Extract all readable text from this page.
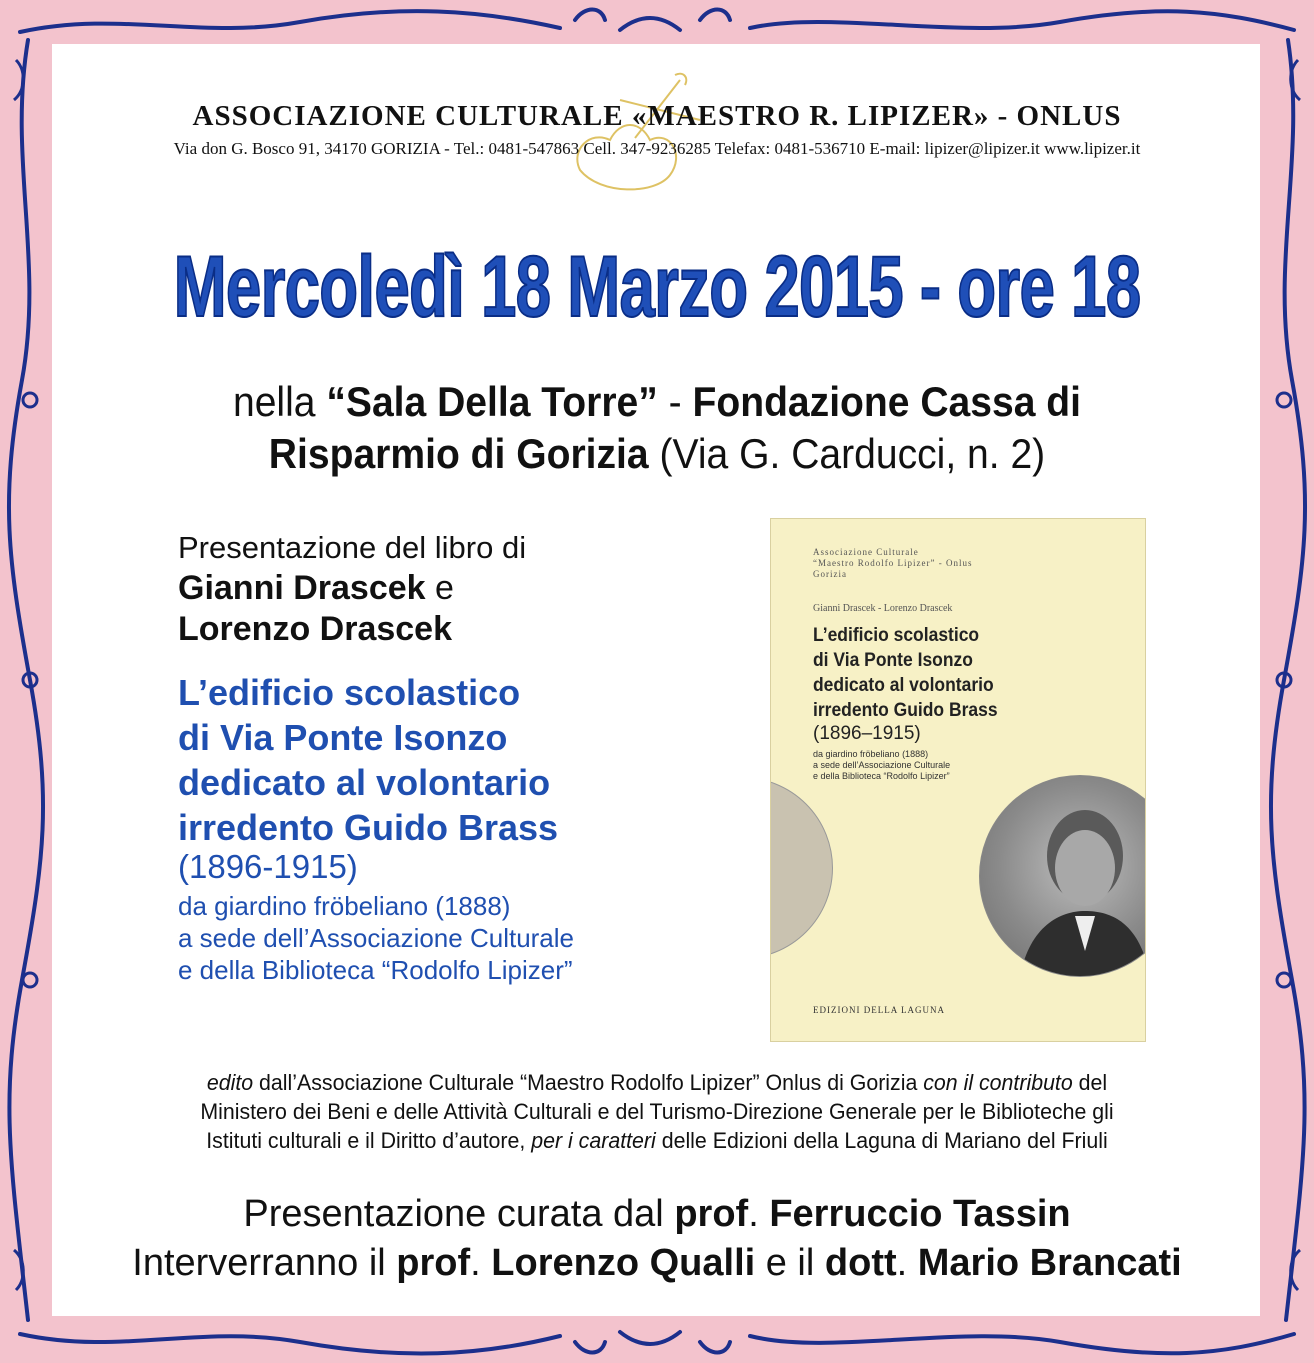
ASSOCIAZIONE CULTURALE «MAESTRO R. LIPIZER» - ONLUS
Via don G. Bosco 91, 34170 GORIZIA - Tel.: 0481-547863 Cell. 347-9236285 Telefax: 0481-536710 E-mail: lipizer@lipizer.it www.lipizer.it
Mercoledì 18 Marzo 2015 - ore 18
nella “Sala Della Torre” - Fondazione Cassa di
Risparmio di Gorizia (Via G. Carducci, n. 2)
Presentazione del libro di
Gianni Drascek e
Lorenzo Drascek
L’edificio scolastico
di Via Ponte Isonzo
dedicato al volontario
irredento Guido Brass
(1896-1915)
da giardino fröbeliano (1888)
a sede dell’Associazione Culturale
e della Biblioteca “Rodolfo Lipizer”
Associazione Culturale
“Maestro Rodolfo Lipizer” - Onlus
Gorizia
Gianni Drascek - Lorenzo Drascek
L’edificio scolastico
di Via Ponte Isonzo
dedicato al volontario
irredento Guido Brass
(1896–1915)
da giardino fröbeliano (1888)
a sede dell’Associazione Culturale
e della Biblioteca “Rodolfo Lipizer”
EDIZIONI DELLA LAGUNA
edito dall’Associazione Culturale “Maestro Rodolfo Lipizer” Onlus di Gorizia con il contributo del
Ministero dei Beni e delle Attività Culturali e del Turismo-Direzione Generale per le Biblioteche gli
Istituti culturali e il Diritto d’autore, per i caratteri delle Edizioni della Laguna di Mariano del Friuli
Presentazione curata dal prof. Ferruccio Tassin
Interverranno il prof. Lorenzo Qualli e il dott. Mario Brancati
